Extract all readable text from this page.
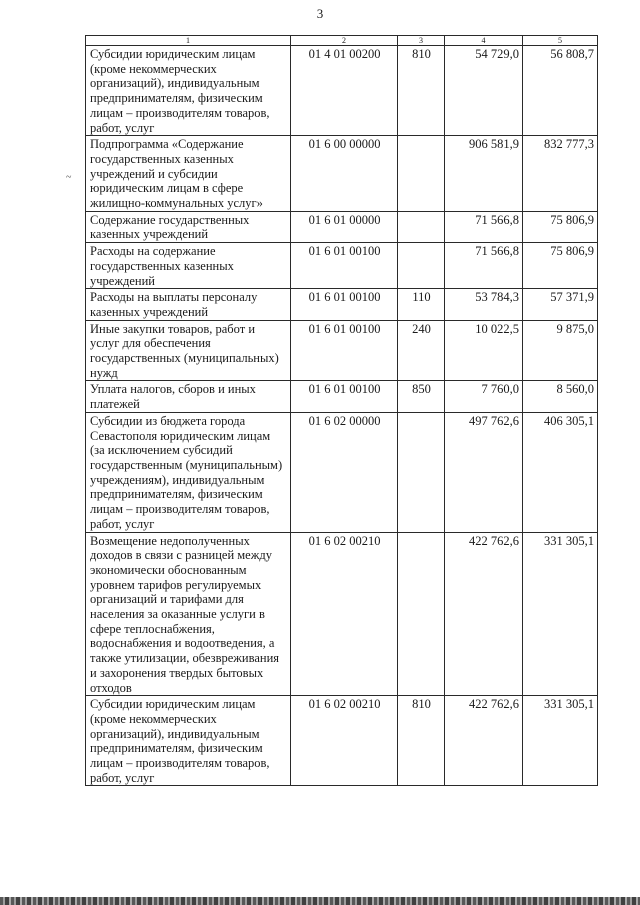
3
~
1	2	3	4	5
Субсидии юридическим лицам (кроме некоммерческих организаций), индивидуальным предпринимателям, физическим лицам – производителям товаров, работ, услуг	01 4 01 00200	810	54 729,0	56 808,7
Подпрограмма «Содержание государственных казенных учреждений и субсидии юридическим лицам в сфере жилищно-коммунальных услуг»	01 6 00 00000		906 581,9	832 777,3
Содержание государственных казенных учреждений	01 6 01 00000		71 566,8	75 806,9
Расходы на содержание государственных казенных учреждений	01 6 01 00100		71 566,8	75 806,9
Расходы на выплаты персоналу казенных учреждений	01 6 01 00100	110	53 784,3	57 371,9
Иные закупки товаров, работ и услуг для обеспечения государственных (муниципальных) нужд	01 6 01 00100	240	10 022,5	9 875,0
Уплата налогов, сборов и иных платежей	01 6 01 00100	850	7 760,0	8 560,0
Субсидии из бюджета города Севастополя юридическим лицам (за исключением субсидий государственным (муниципальным) учреждениям), индивидуальным предпринимателям, физическим лицам – производителям товаров, работ, услуг	01 6 02 00000		497 762,6	406 305,1
Возмещение недополученных доходов в связи с разницей между экономически обоснованным уровнем тарифов регулируемых организаций и тарифами для населения за оказанные услуги в сфере теплоснабжения, водоснабжения и водоотведения, а также утилизации, обезвреживания и захоронения твердых бытовых отходов	01 6 02 00210		422 762,6	331 305,1
Субсидии юридическим лицам (кроме некоммерческих организаций), индивидуальным предпринимателям, физическим лицам – производителям товаров, работ, услуг	01 6 02 00210	810	422 762,6	331 305,1
